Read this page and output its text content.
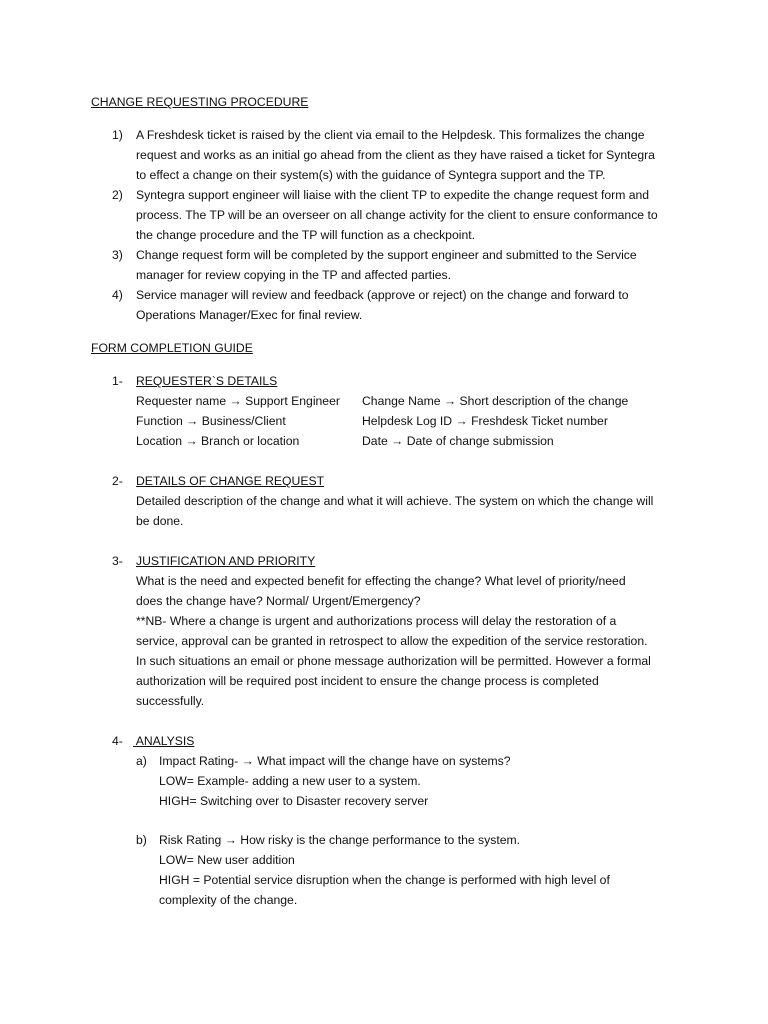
CHANGE REQUESTING PROCEDURE
1) A Freshdesk ticket is raised by the client via email to the Helpdesk. This formalizes the change
request and works as an initial go ahead from the client as they have raised a ticket for Syntegra
to effect a change on their system(s) with the guidance of Syntegra support and the TP.
2) Syntegra support engineer will liaise with the client TP to expedite the change request form and
process. The TP will be an overseer on all change activity for the client to ensure conformance to
the change procedure and the TP will function as a checkpoint.
3) Change request form will be completed by the support engineer and submitted to the Service
manager for review copying in the TP and affected parties.
4) Service manager will review and feedback (approve or reject) on the change and forward to
Operations Manager/Exec for final review.
FORM COMPLETION GUIDE
1- REQUESTER`S DETAILS
Requester name → Support Engineer Change Name → Short description of the change
Function → Business/Client	Helpdesk Log ID → Freshdesk Ticket number
Location → Branch or location	Date → Date of change submission
2- DETAILS OF CHANGE REQUEST
Detailed description of the change and what it will achieve. The system on which the change will
be done.
3- JUSTIFICATION AND PRIORITY
What is the need and expected benefit for effecting the change? What level of priority/need
does the change have? Normal/ Urgent/Emergency?
**NB- Where a change is urgent and authorizations process will delay the restoration of a
service, approval can be granted in retrospect to allow the expedition of the service restoration.
In such situations an email or phone message authorization will be permitted. However a formal
authorization will be required post incident to ensure the change process is completed
successfully.
4- ANALYSIS
a) Impact Rating- → What impact will the change have on systems?
LOW= Example- adding a new user to a system.
HIGH= Switching over to Disaster recovery server
b) Risk Rating → How risky is the change performance to the system.
LOW= New user addition
HIGH = Potential service disruption when the change is performed with high level of
complexity of the change.
